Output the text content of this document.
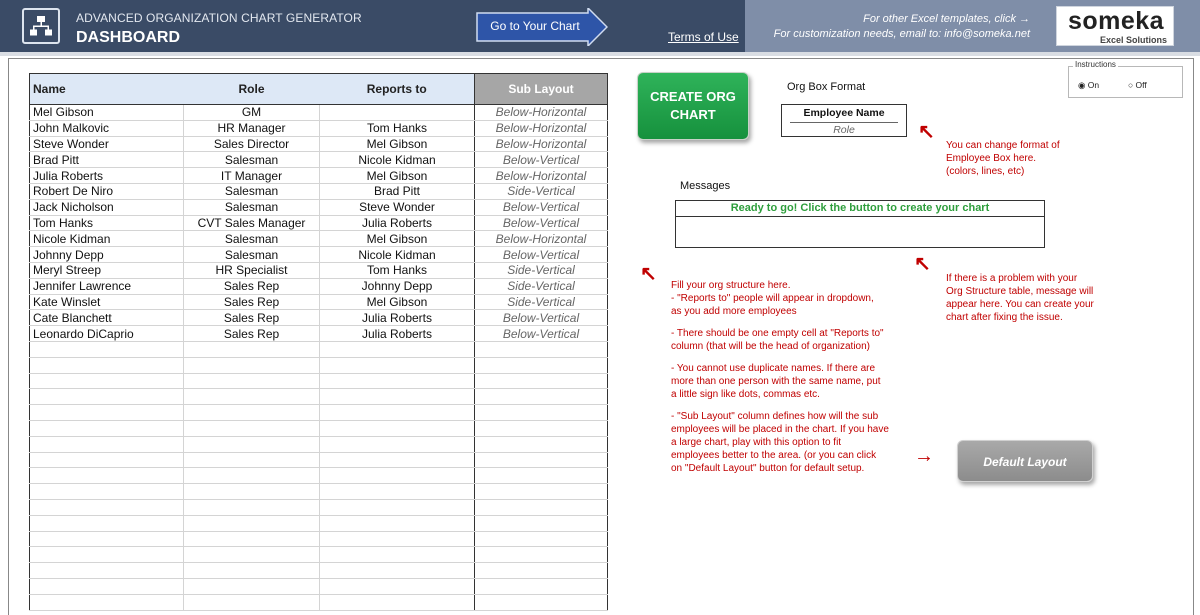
ADVANCED ORGANIZATION CHART GENERATOR
DASHBOARD
Go to Your Chart
Terms of Use
For other Excel templates, click →
For customization needs, email to: info@someka.net	someka
Excel Solutions
Name	Role	Reports to	Sub Layout
Mel Gibson	GM		Below-Horizontal
John Malkovic	HR Manager	Tom Hanks	Below-Horizontal
Steve Wonder	Sales Director	Mel Gibson	Below-Horizontal
Brad Pitt	Salesman	Nicole Kidman	Below-Vertical
Julia Roberts	IT Manager	Mel Gibson	Below-Horizontal
Robert De Niro	Salesman	Brad Pitt	Side-Vertical
Jack Nicholson	Salesman	Steve Wonder	Below-Vertical
Tom Hanks	CVT Sales Manager	Julia Roberts	Below-Vertical
Nicole Kidman	Salesman	Mel Gibson	Below-Horizontal
Johnny Depp	Salesman	Nicole Kidman	Below-Vertical
Meryl Streep	HR Specialist	Tom Hanks	Side-Vertical
Jennifer Lawrence	Sales Rep	Johnny Depp	Side-Vertical
Kate Winslet	Sales Rep	Mel Gibson	Side-Vertical
Cate Blanchett	Sales Rep	Julia Roberts	Below-Vertical
Leonardo DiCaprio	Sales Rep	Julia Roberts	Below-Vertical

CREATE ORG
CHART
Org Box Format
Employee Name
Role	↖
You can change format of
Employee Box here.
(colors, lines, etc)
Messages
Ready to go! Click the button to create your chart
↖
If there is a problem with your
Org Structure table, message will
appear here. You can create your
chart after fixing the issue.
↖
Fill your org structure here.
- "Reports to" people will appear in dropdown,
as you add more employees
- There should be one empty cell at "Reports to"
column (that will be the head of organization)
- You cannot use duplicate names. If there are
more than one person with the same name, put
a little sign like dots, commas etc.
- "Sub Layout" column defines how will the sub
employees will be placed in the chart. If you have
a large chart, play with this option to fit
employees better to the area. (or you can click
on "Default Layout" button for default setup.
→	Default Layout
Instructions
◉ On	○ Off
